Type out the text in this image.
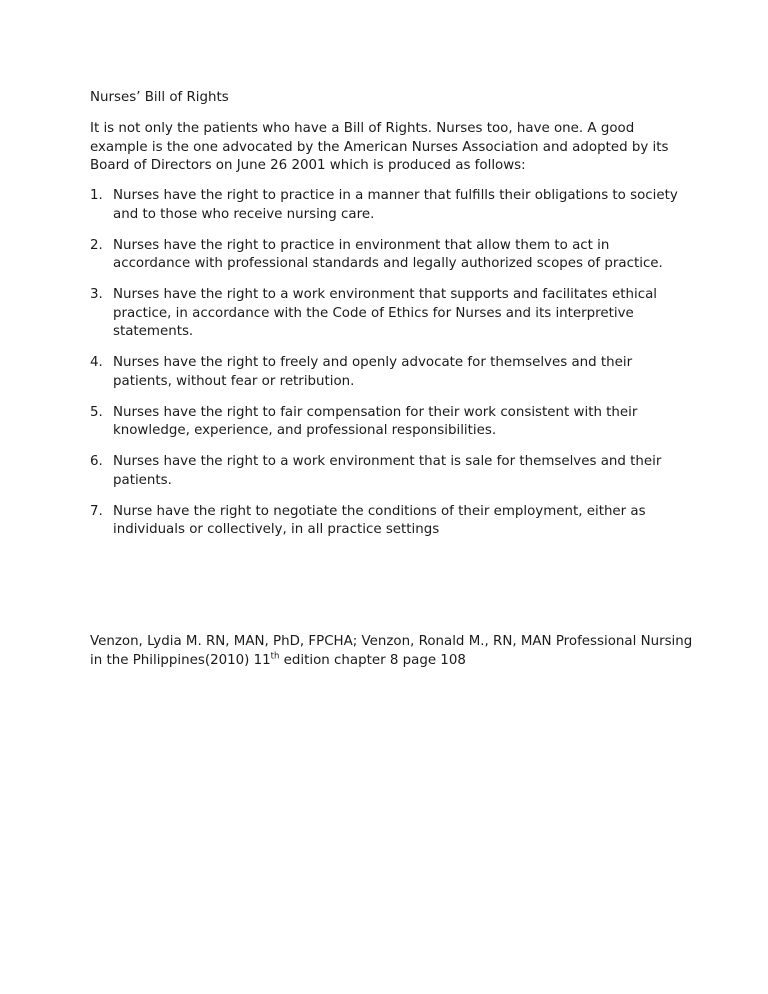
Nurses’ Bill of Rights

It is not only the patients who have a Bill of Rights. Nurses too, have one. A good example is the one advocated by the American Nurses Association and adopted by its Board of Directors on June 26 2001 which is produced as follows:

1. Nurses have the right to practice in a manner that fulfills their obligations to society and to those who receive nursing care.
2. Nurses have the right to practice in environment that allow them to act in accordance with professional standards and legally authorized scopes of practice.
3. Nurses have the right to a work environment that supports and facilitates ethical practice, in accordance with the Code of Ethics for Nurses and its interpretive statements.
4. Nurses have the right to freely and openly advocate for themselves and their patients, without fear or retribution.
5. Nurses have the right to fair compensation for their work consistent with their knowledge, experience, and professional responsibilities.
6. Nurses have the right to a work environment that is sale for themselves and their patients.
7. Nurse have the right to negotiate the conditions of their employment, either as individuals or collectively, in all practice settings

Venzon, Lydia M. RN, MAN, PhD, FPCHA; Venzon, Ronald M., RN, MAN Professional Nursing in the Philippines(2010) 11th edition chapter 8 page 108
